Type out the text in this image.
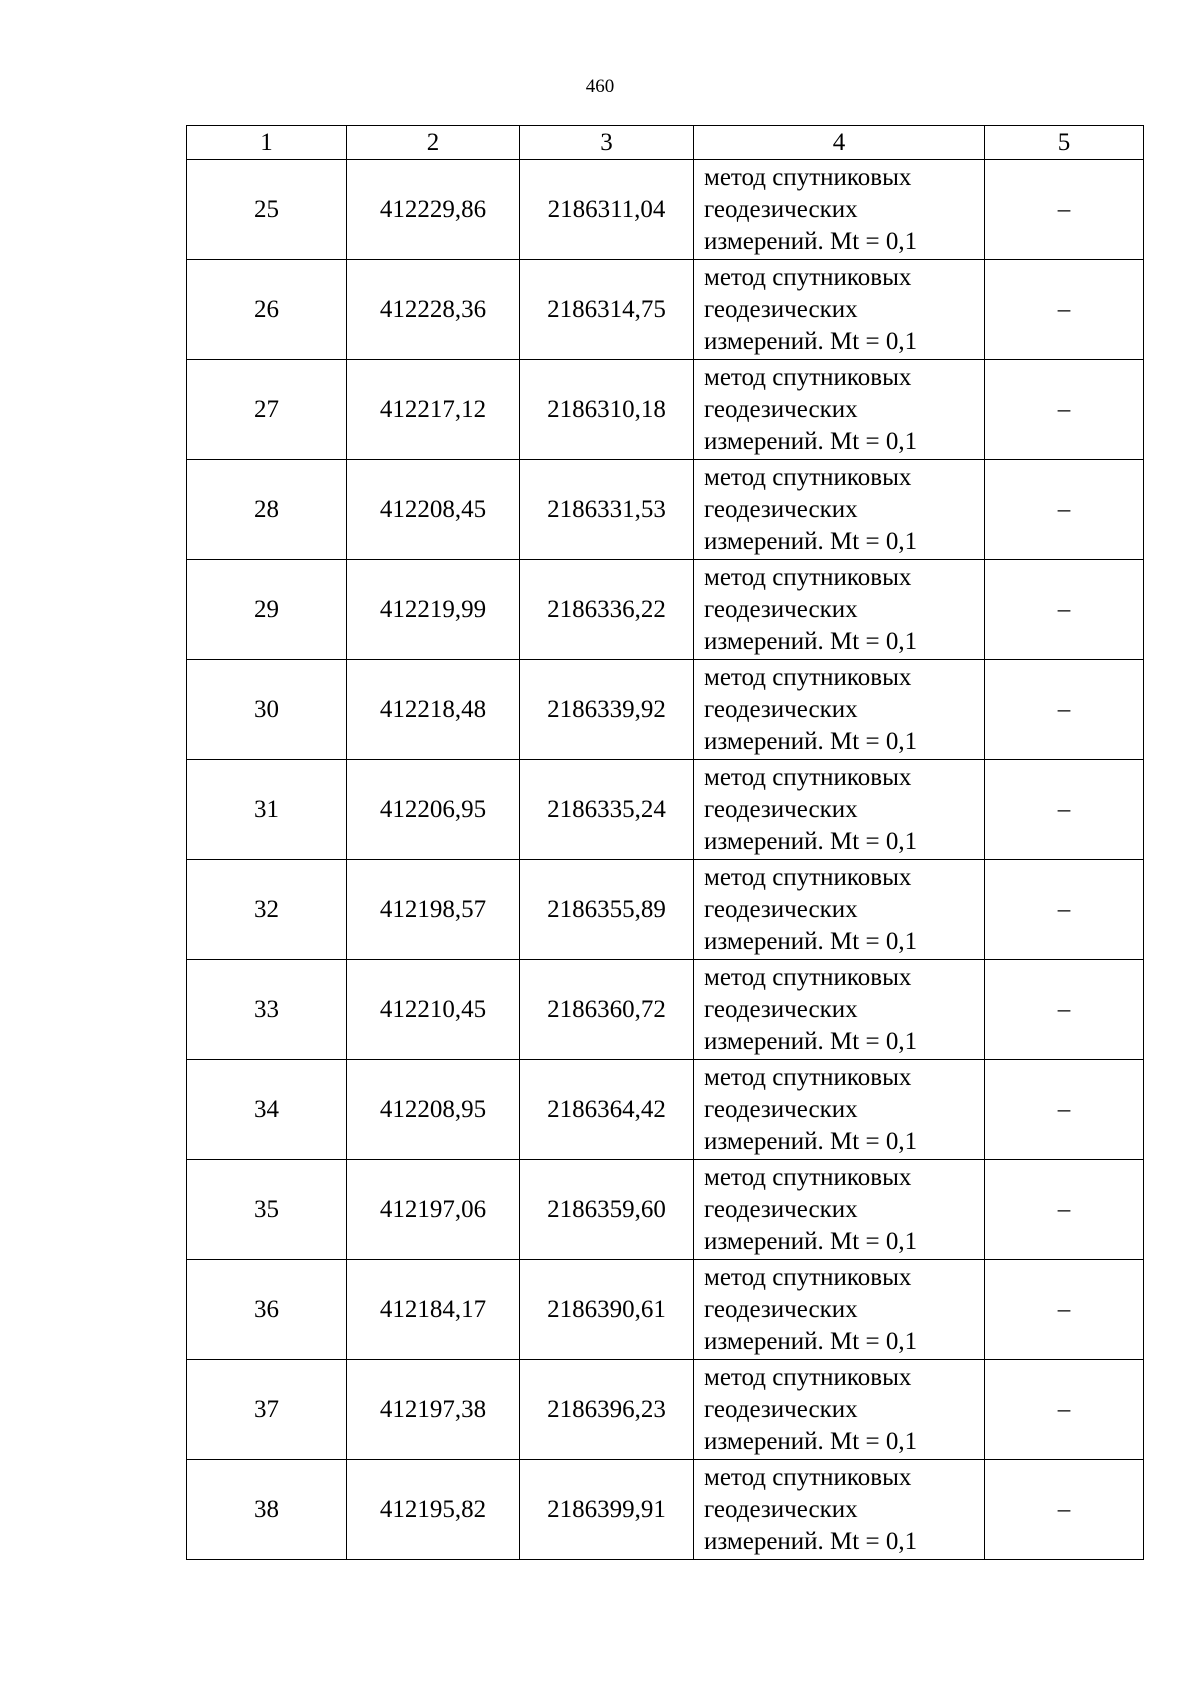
460
1	2	3	4	5
25	412229,86	2186311,04	метод спутниковых
геодезических
измерений. Mt = 0,1	–
26	412228,36	2186314,75	метод спутниковых
геодезических
измерений. Mt = 0,1	–
27	412217,12	2186310,18	метод спутниковых
геодезических
измерений. Mt = 0,1	–
28	412208,45	2186331,53	метод спутниковых
геодезических
измерений. Mt = 0,1	–
29	412219,99	2186336,22	метод спутниковых
геодезических
измерений. Mt = 0,1	–
30	412218,48	2186339,92	метод спутниковых
геодезических
измерений. Mt = 0,1	–
31	412206,95	2186335,24	метод спутниковых
геодезических
измерений. Mt = 0,1	–
32	412198,57	2186355,89	метод спутниковых
геодезических
измерений. Mt = 0,1	–
33	412210,45	2186360,72	метод спутниковых
геодезических
измерений. Mt = 0,1	–
34	412208,95	2186364,42	метод спутниковых
геодезических
измерений. Mt = 0,1	–
35	412197,06	2186359,60	метод спутниковых
геодезических
измерений. Mt = 0,1	–
36	412184,17	2186390,61	метод спутниковых
геодезических
измерений. Mt = 0,1	–
37	412197,38	2186396,23	метод спутниковых
геодезических
измерений. Mt = 0,1	–
38	412195,82	2186399,91	метод спутниковых
геодезических
измерений. Mt = 0,1	–
